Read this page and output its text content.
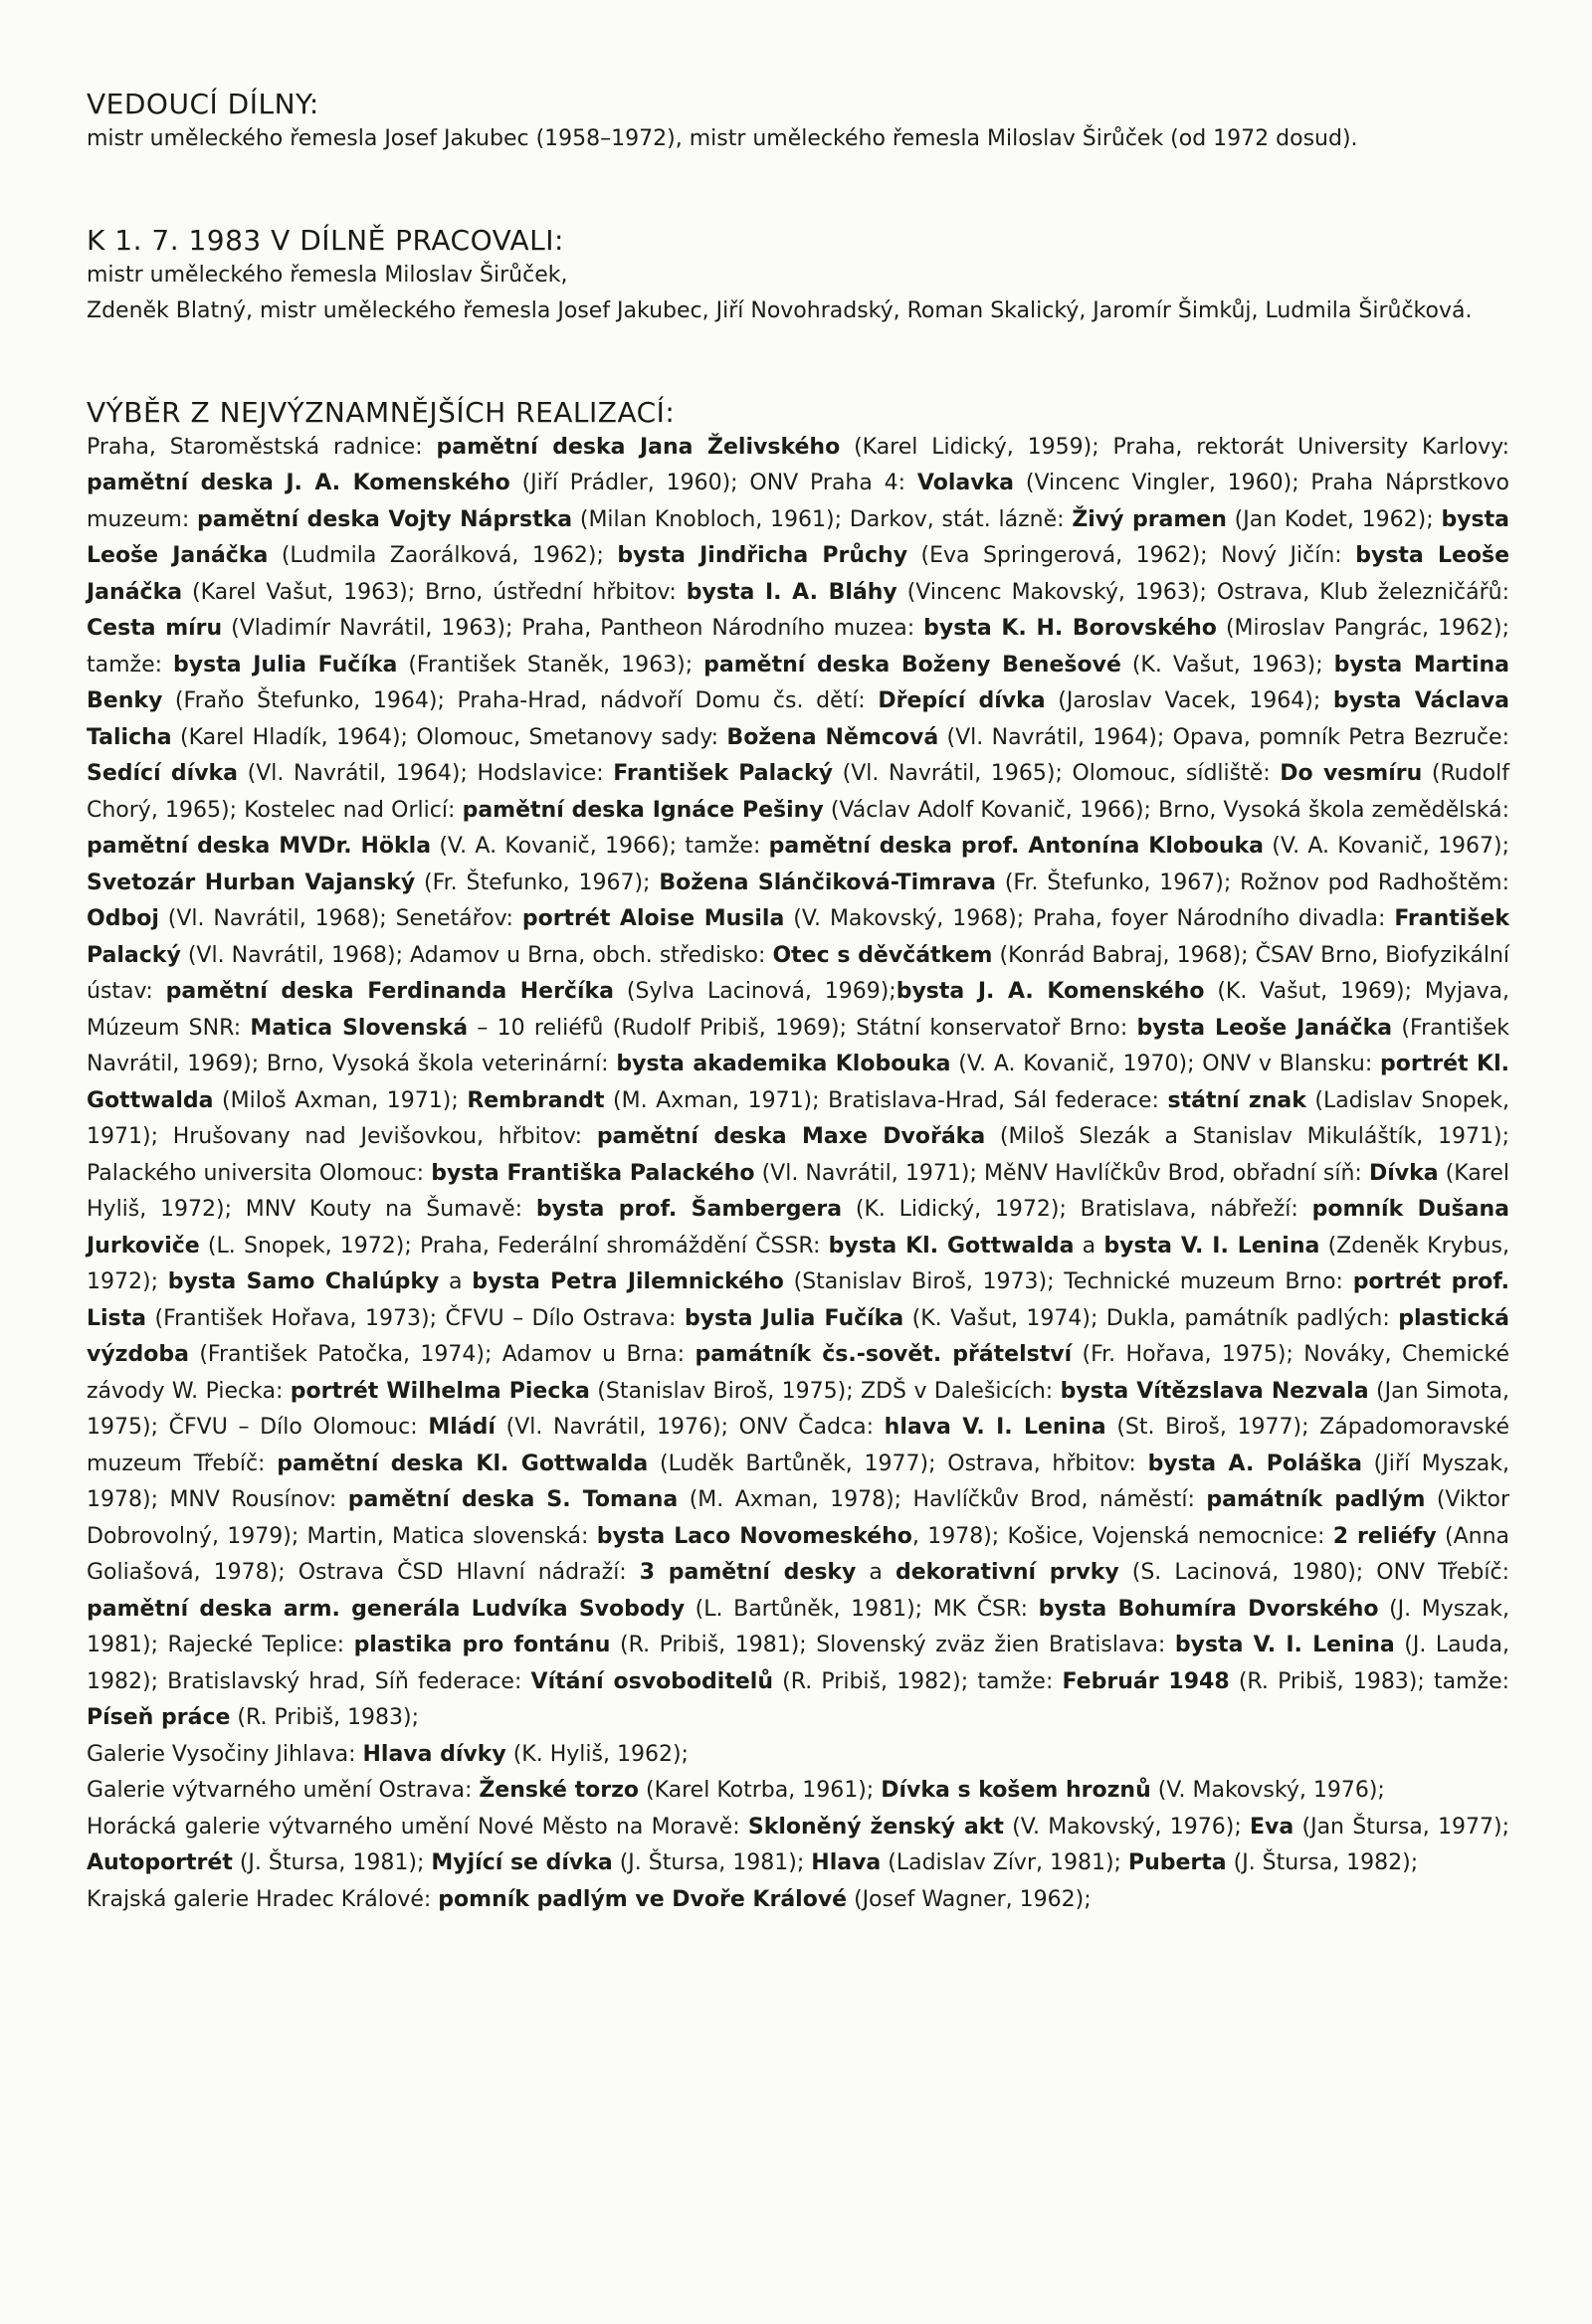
VEDOUCÍ DÍLNY:

mistr uměleckého řemesla Josef Jakubec (1958–1972), mistr uměleckého řemesla Miloslav Širůček (od 1972 dosud).

K 1. 7. 1983 V DÍLNĚ PRACOVALI:

mistr uměleckého řemesla Miloslav Širůček,

Zdeněk Blatný, mistr uměleckého řemesla Josef Jakubec, Jiří Novohradský, Roman Skalický, Jaromír Šimkůj, Ludmila Širůčková.

VÝBĚR Z NEJVÝZNAMNĚJŠÍCH REALIZACÍ:

Praha, Staroměstská radnice: pamětní deska Jana Želivského (Karel Lidický, 1959); Praha, rektorát University Karlovy: pamětní deska J. A. Komenského (Jiří Prádler, 1960); ONV Praha 4: Volavka (Vincenc Vingler, 1960); Praha Náprstkovo muzeum: pamětní deska Vojty Náprstka (Milan Knobloch, 1961); Darkov, stát. lázně: Živý pramen (Jan Kodet, 1962); bysta Leoše Janáčka (Ludmila Zaorálková, 1962); bysta Jindřicha Průchy (Eva Springerová, 1962); Nový Jičín: bysta Leoše Janáčka (Karel Vašut, 1963); Brno, ústřední hřbitov: bysta I. A. Bláhy (Vincenc Makovský, 1963); Ostrava, Klub železničářů: Cesta míru (Vladimír Navrátil, 1963); Praha, Pantheon Národního muzea: bysta K. H. Borovského (Miroslav Pangrác, 1962); tamže: bysta Julia Fučíka (František Staněk, 1963); pamětní deska Boženy Benešové (K. Vašut, 1963); bysta Martina Benky (Fraňo Štefunko, 1964); Praha-Hrad, nádvoří Domu čs. dětí: Dřepící dívka (Jaroslav Vacek, 1964); bysta Václava Talicha (Karel Hladík, 1964); Olomouc, Smetanovy sady: Božena Němcová (Vl. Navrátil, 1964); Opava, pomník Petra Bezruče: Sedící dívka (Vl. Navrátil, 1964); Hodslavice: František Palacký (Vl. Navrátil, 1965); Olomouc, sídliště: Do vesmíru (Rudolf Chorý, 1965); Kostelec nad Orlicí: pamětní deska Ignáce Pešiny (Václav Adolf Kovanič, 1966); Brno, Vysoká škola zemědělská: pamětní deska MVDr. Hökla (V. A. Kovanič, 1966); tamže: pamětní deska prof. Antonína Klobouka (V. A. Kovanič, 1967); Svetozár Hurban Vajanský (Fr. Štefunko, 1967); Božena Slánčiková-Timrava (Fr. Štefunko, 1967); Rožnov pod Radhoštěm: Odboj (Vl. Navrátil, 1968); Senetářov: portrét Aloise Musila (V. Makovský, 1968); Praha, foyer Národního divadla: František Palacký (Vl. Navrátil, 1968); Adamov u Brna, obch. středisko: Otec s děvčátkem (Konrád Babraj, 1968); ČSAV Brno, Biofyzikální ústav: pamětní deska Ferdinanda Herčíka (Sylva Lacinová, 1969);bysta J. A. Komenského (K. Vašut, 1969); Myjava, Múzeum SNR: Matica Slovenská – 10 reliéfů (Rudolf Pribiš, 1969); Státní konservatoř Brno: bysta Leoše Janáčka (František Navrátil, 1969); Brno, Vysoká škola veterinární: bysta akademika Klobouka (V. A. Kovanič, 1970); ONV v Blansku: portrét Kl. Gottwalda (Miloš Axman, 1971); Rembrandt (M. Axman, 1971); Bratislava-Hrad, Sál federace: státní znak (Ladislav Snopek, 1971); Hrušovany nad Jevišovkou, hřbitov: pamětní deska Maxe Dvořáka (Miloš Slezák a Stanislav Mikuláštík, 1971); Palackého universita Olomouc: bysta Františka Palackého (Vl. Navrátil, 1971); MěNV Havlíčkův Brod, obřadní síň: Dívka (Karel Hyliš, 1972); MNV Kouty na Šumavě: bysta prof. Šambergera (K. Lidický, 1972); Bratislava, nábřeží: pomník Dušana Jurkoviče (L. Snopek, 1972); Praha, Federální shromáždění ČSSR: bysta Kl. Gottwalda a bysta V. I. Lenina (Zdeněk Krybus, 1972); bysta Samo Chalúpky a bysta Petra Jilemnického (Stanislav Biroš, 1973); Technické muzeum Brno: portrét prof. Lista (František Hořava, 1973); ČFVU – Dílo Ostrava: bysta Julia Fučíka (K. Vašut, 1974); Dukla, památník padlých: plastická výzdoba (František Patočka, 1974); Adamov u Brna: památník čs.-sovět. přátelství (Fr. Hořava, 1975); Nováky, Chemické závody W. Piecka: portrét Wilhelma Piecka (Stanislav Biroš, 1975); ZDŠ v Dalešicích: bysta Vítězslava Nezvala (Jan Simota, 1975); ČFVU – Dílo Olomouc: Mládí (Vl. Navrátil, 1976); ONV Čadca: hlava V. I. Lenina (St. Biroš, 1977); Západomoravské muzeum Třebíč: pamětní deska Kl. Gottwalda (Luděk Bartůněk, 1977); Ostrava, hřbitov: bysta A. Poláška (Jiří Myszak, 1978); MNV Rousínov: pamětní deska S. Tomana (M. Axman, 1978); Havlíčkův Brod, náměstí: památník padlým (Viktor Dobrovolný, 1979); Martin, Matica slovenská: bysta Laco Novomeského, 1978); Košice, Vojenská nemocnice: 2 reliéfy (Anna Goliašová, 1978); Ostrava ČSD Hlavní nádraží: 3 pamětní desky a dekorativní prvky (S. Lacinová, 1980); ONV Třebíč: pamětní deska arm. generála Ludvíka Svobody (L. Bartůněk, 1981); MK ČSR: bysta Bohumíra Dvorského (J. Myszak, 1981); Rajecké Teplice: plastika pro fontánu (R. Pribiš, 1981); Slovenský zväz žien Bratislava: bysta V. I. Lenina (J. Lauda, 1982); Bratislavský hrad, Síň federace: Vítání osvoboditelů (R. Pribiš, 1982); tamže: Február 1948 (R. Pribiš, 1983); tamže: Píseň práce (R. Pribiš, 1983);

Galerie Vysočiny Jihlava: Hlava dívky (K. Hyliš, 1962);

Galerie výtvarného umění Ostrava: Ženské torzo (Karel Kotrba, 1961); Dívka s košem hroznů (V. Makovský, 1976);

Horácká galerie výtvarného umění Nové Město na Moravě: Skloněný ženský akt (V. Makovský, 1976); Eva (Jan Štursa, 1977); Autoportrét (J. Štursa, 1981); Myjící se dívka (J. Štursa, 1981); Hlava (Ladislav Zívr, 1981); Puberta (J. Štursa, 1982);

Krajská galerie Hradec Králové: pomník padlým ve Dvoře Králové (Josef Wagner, 1962);
